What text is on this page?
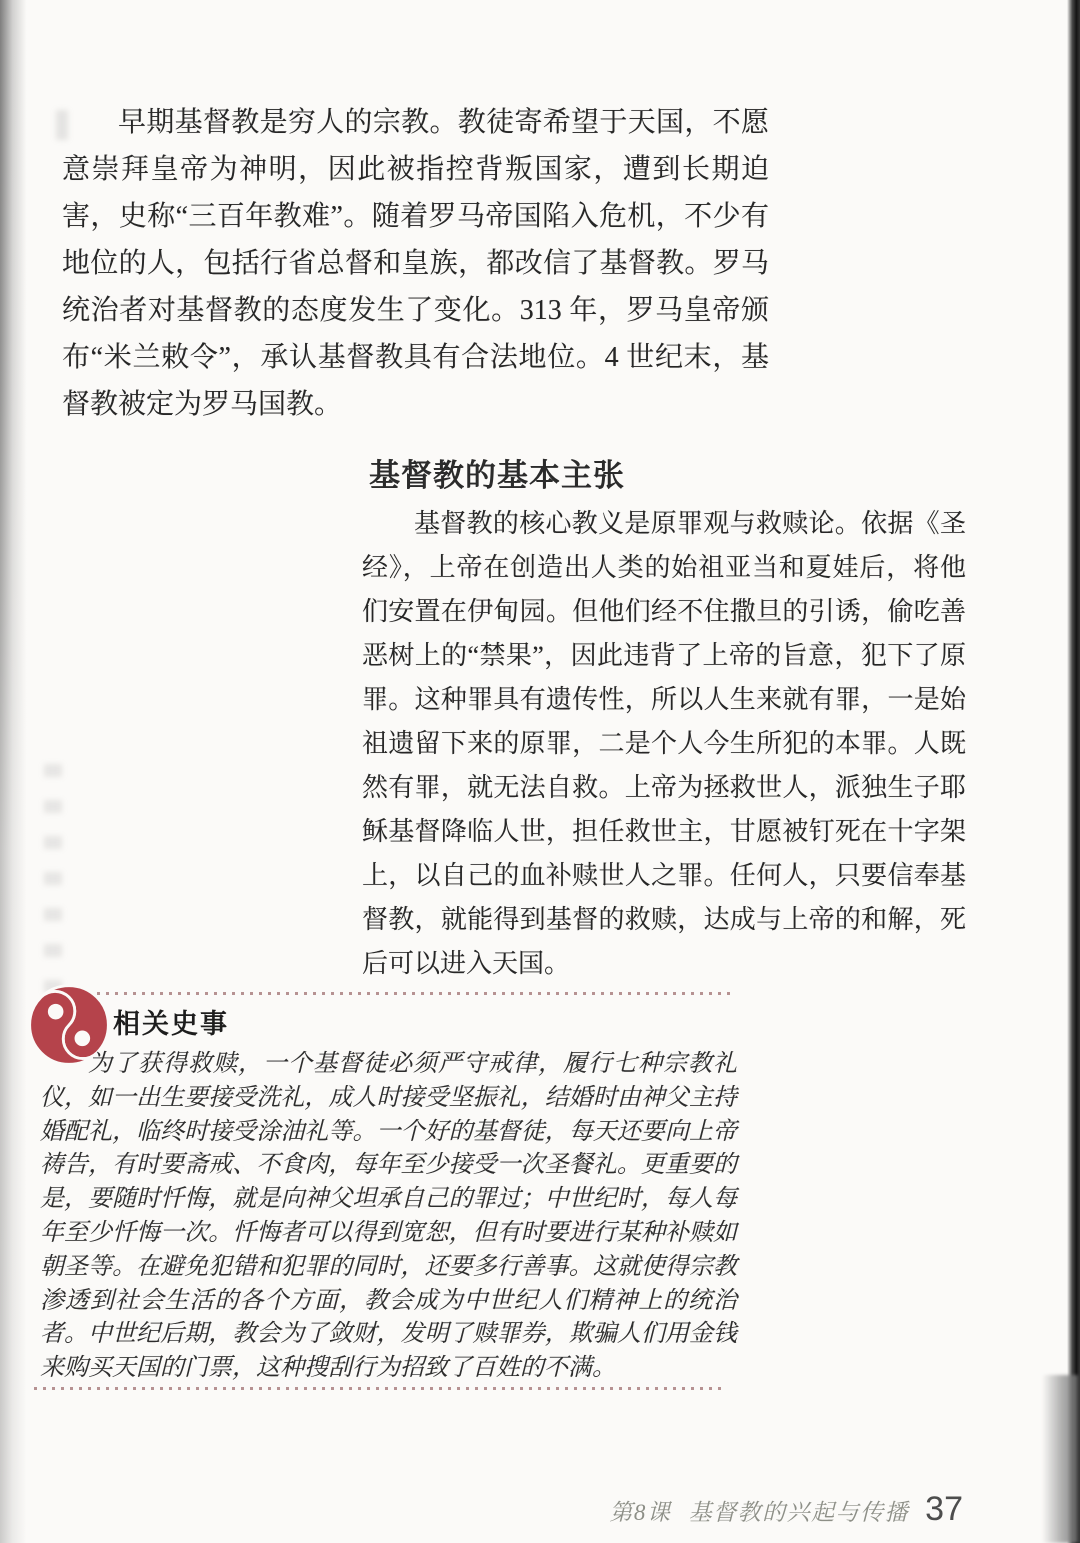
早期基督教是穷人的宗教。教徒寄希望于天国，不愿意崇拜皇帝为神明，因此被指控背叛国家，遭到长期迫害，史称“三百年教难”。随着罗马帝国陷入危机，不少有地位的人，包括行省总督和皇族，都改信了基督教。罗马统治者对基督教的态度发生了变化。313 年，罗马皇帝颁布“米兰敕令”，承认基督教具有合法地位。4 世纪末，基督教被定为罗马国教。
基督教的基本主张
基督教的核心教义是原罪观与救赎论。依据《圣经》，上帝在创造出人类的始祖亚当和夏娃后，将他们安置在伊甸园。但他们经不住撒旦的引诱，偷吃善恶树上的“禁果”，因此违背了上帝的旨意，犯下了原罪。这种罪具有遗传性，所以人生来就有罪，一是始祖遗留下来的原罪，二是个人今生所犯的本罪。人既然有罪，就无法自救。上帝为拯救世人，派独生子耶稣基督降临人世，担任救世主，甘愿被钉死在十字架上，以自己的血补赎世人之罪。任何人，只要信奉基督教，就能得到基督的救赎，达成与上帝的和解，死后可以进入天国。
相关史事
为了获得救赎，一个基督徒必须严守戒律，履行七种宗教礼仪，如一出生要接受洗礼，成人时接受坚振礼，结婚时由神父主持婚配礼，临终时接受涂油礼等。一个好的基督徒，每天还要向上帝祷告，有时要斋戒、不食肉，每年至少接受一次圣餐礼。更重要的是，要随时忏悔，就是向神父坦承自己的罪过；中世纪时，每人每年至少忏悔一次。忏悔者可以得到宽恕，但有时要进行某种补赎如朝圣等。在避免犯错和犯罪的同时，还要多行善事。这就使得宗教渗透到社会生活的各个方面，教会成为中世纪人们精神上的统治者。中世纪后期，教会为了敛财，发明了赎罪券，欺骗人们用金钱来购买天国的门票，这种搜刮行为招致了百姓的不满。
第8课 基督教的兴起与传播 37
